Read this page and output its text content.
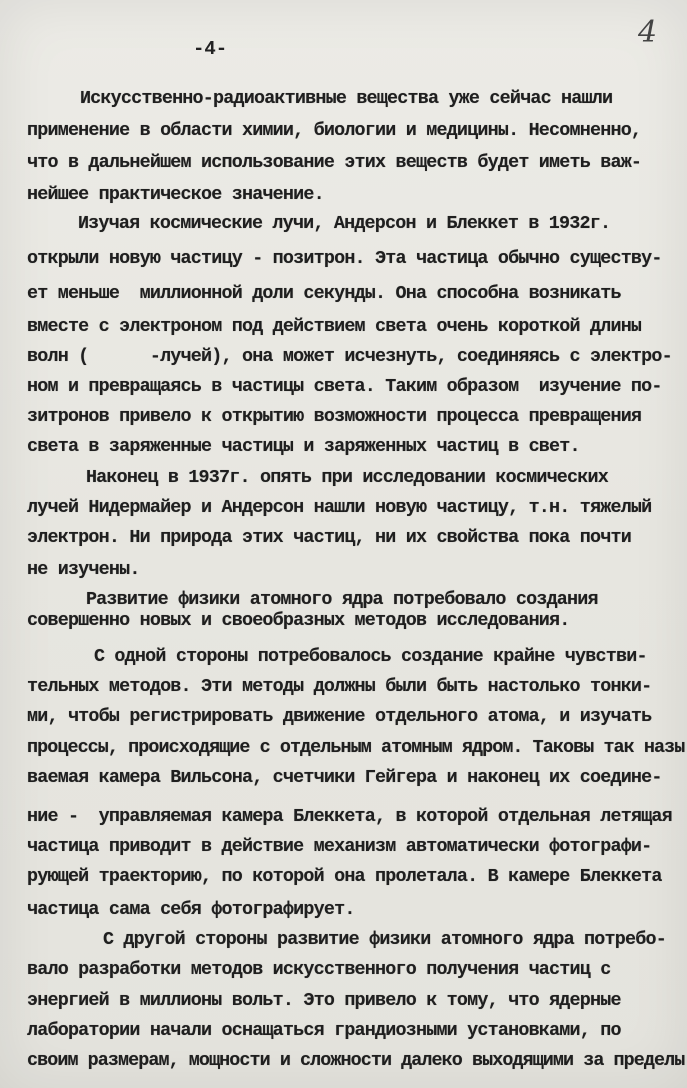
4
-4-
Искусственно-радиоактивные вещества уже сейчас нашли
применение в области химии, биологии и медицины. Несомненно,
что в дальнейшем использование этих веществ будет иметь важ-
нейшее практическое значение.
Изучая космические лучи, Андерсон и Блеккет в 1932г.
открыли новую частицу - позитрон. Эта частица обычно существу-
ет меньше  миллионной доли секунды. Она способна возникать
вместе с электроном под действием света очень короткой длины
волн (      -лучей), она может исчезнуть, соединяясь с электро-
ном и превращаясь в частицы света. Таким образом  изучение по-
зитронов привело к открытию возможности процесса превращения
света в заряженные частицы и заряженных частиц в свет.
Наконец в 1937г. опять при исследовании космических
лучей Нидермайер и Андерсон нашли новую частицу, т.н. тяжелый
электрон. Ни природа этих частиц, ни их свойства пока почти
не изучены.
Развитие физики атомного ядра потребовало создания
совершенно новых и своеобразных методов исследования.
С одной стороны потребовалось создание крайне чувстви-
тельных методов. Эти методы должны были быть настолько тонки-
ми, чтобы регистрировать движение отдельного атома, и изучать
процессы, происходящие с отдельным атомным ядром. Таковы так назы
ваемая камера Вильсона, счетчики Гейгера и наконец их соедине-
ние -  управляемая камера Блеккета, в которой отдельная летящая
частица приводит в действие механизм автоматически фотографи-
рующей траекторию, по которой она пролетала. В камере Блеккета
частица сама себя фотографирует.
С другой стороны развитие физики атомного ядра потребо-
вало разработки методов искусственного получения частиц с
энергией в миллионы вольт. Это привело к тому, что ядерные
лаборатории начали оснащаться грандиозными установками, по
своим размерам, мощности и сложности далеко выходящими за пределы
